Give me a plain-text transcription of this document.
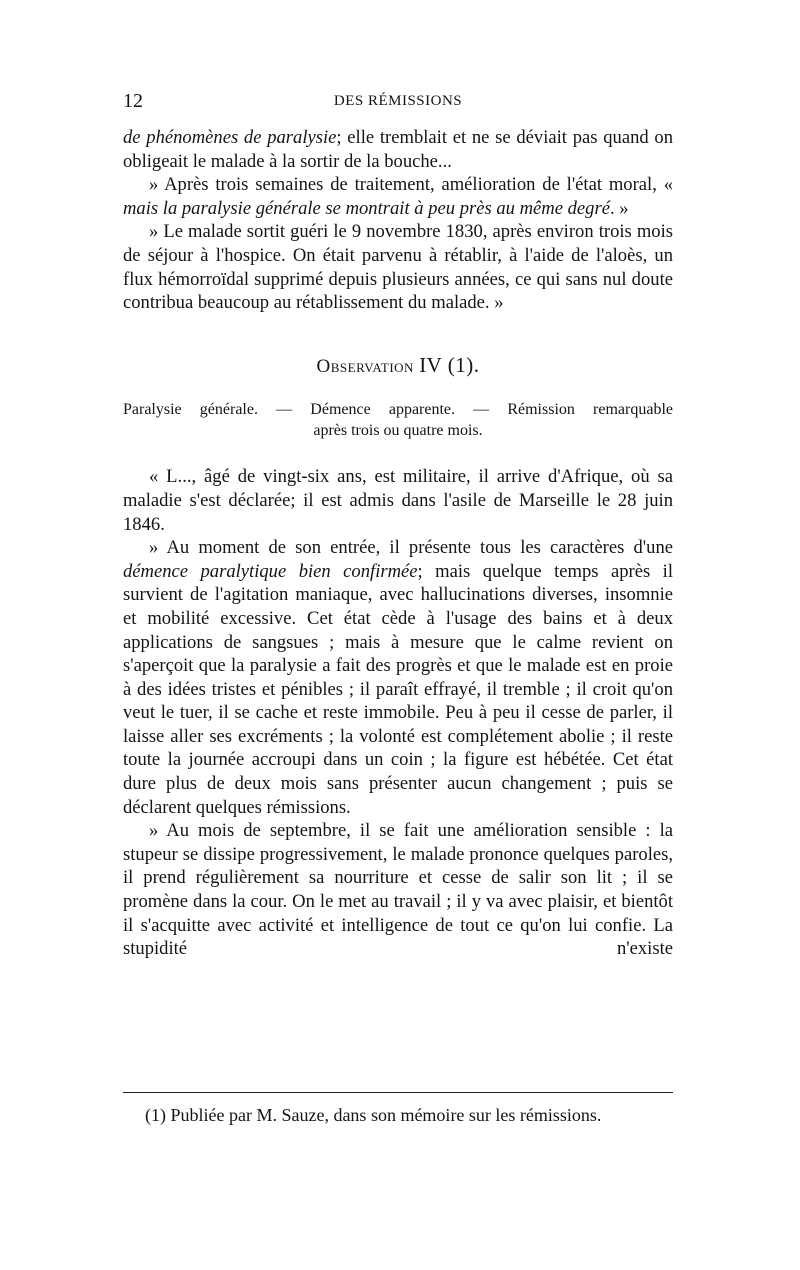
12	DES RÉMISSIONS

de phénomènes de paralysie; elle tremblait et ne se déviait pas quand on obligeait le malade à la sortir de la bouche...

» Après trois semaines de traitement, amélioration de l'état moral, « mais la paralysie générale se montrait à peu près au même degré. »

» Le malade sortit guéri le 9 novembre 1830, après environ trois mois de séjour à l'hospice. On était parvenu à rétablir, à l'aide de l'aloès, un flux hémorroïdal supprimé depuis plusieurs années, ce qui sans nul doute contribua beaucoup au rétablissement du malade. »

Observation IV (1).
Paralysie générale. — Démence apparente. — Rémission remarquable
après trois ou quatre mois.

« L..., âgé de vingt-six ans, est militaire, il arrive d'Afrique, où sa maladie s'est déclarée; il est admis dans l'asile de Marseille le 28 juin 1846.

» Au moment de son entrée, il présente tous les caractères d'une démence paralytique bien confirmée; mais quelque temps après il survient de l'agitation maniaque, avec hallucinations diverses, insomnie et mobilité excessive. Cet état cède à l'usage des bains et à deux applications de sangsues ; mais à mesure que le calme revient on s'aperçoit que la paralysie a fait des progrès et que le malade est en proie à des idées tristes et pénibles ; il paraît effrayé, il tremble ; il croit qu'on veut le tuer, il se cache et reste immobile. Peu à peu il cesse de parler, il laisse aller ses excréments ; la volonté est complétement abolie ; il reste toute la journée accroupi dans un coin ; la figure est hébétée. Cet état dure plus de deux mois sans présenter aucun changement ; puis se déclarent quelques rémissions.

» Au mois de septembre, il se fait une amélioration sensible : la stupeur se dissipe progressivement, le malade prononce quelques paroles, il prend régulièrement sa nourriture et cesse de salir son lit ; il se promène dans la cour. On le met au travail ; il y va avec plaisir, et bientôt il s'acquitte avec activité et intelligence de tout ce qu'on lui confie. La stupidité n'existe

(1) Publiée par M. Sauze, dans son mémoire sur les rémissions.
